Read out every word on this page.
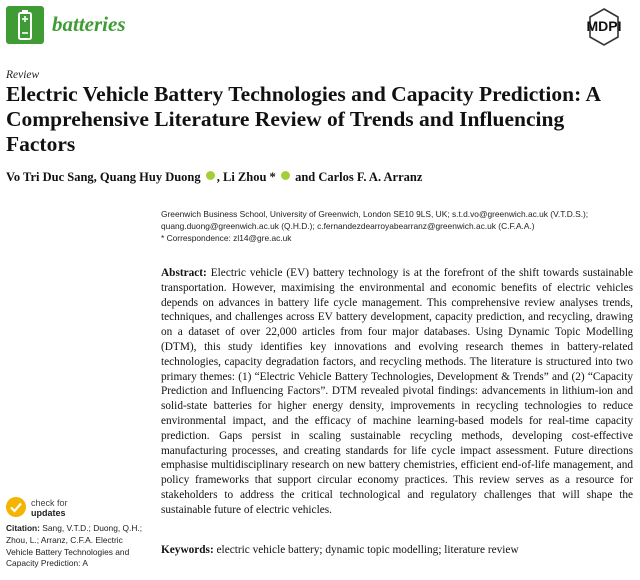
batteries	MDPI
Review
Electric Vehicle Battery Technologies and Capacity Prediction: A Comprehensive Literature Review of Trends and Influencing Factors
Vo Tri Duc Sang, Quang Huy Duong , Li Zhou *  and Carlos F. A. Arranz
Greenwich Business School, University of Greenwich, London SE10 9LS, UK; s.t.d.vo@greenwich.ac.uk (V.T.D.S.);
quang.duong@greenwich.ac.uk (Q.H.D.); c.fernandezdearroyabearranz@greenwich.ac.uk (C.F.A.A.)
* Correspondence: zl14@gre.ac.uk
Abstract: Electric vehicle (EV) battery technology is at the forefront of the shift towards sustainable transportation. However, maximising the environmental and economic benefits of electric vehicles depends on advances in battery life cycle management. This comprehensive review analyses trends, techniques, and challenges across EV battery development, capacity prediction, and recycling, drawing on a dataset of over 22,000 articles from four major databases. Using Dynamic Topic Modelling (DTM), this study identifies key innovations and evolving research themes in battery-related technologies, capacity degradation factors, and recycling methods. The literature is structured into two primary themes: (1) “Electric Vehicle Battery Technologies, Development & Trends” and (2) “Capacity Prediction and Influencing Factors”. DTM revealed pivotal findings: advancements in lithium-ion and solid-state batteries for higher energy density, improvements in recycling technologies to reduce environmental impact, and the efficacy of machine learning-based models for real-time capacity prediction. Gaps persist in scaling sustainable recycling methods, developing cost-effective manufacturing processes, and creating standards for life cycle impact assessment. Future directions emphasise multidisciplinary research on new battery chemistries, efficient end-of-life management, and policy frameworks that support circular economy practices. This review serves as a resource for stakeholders to address the critical technological and regulatory challenges that will shape the sustainable future of electric vehicles.
Keywords: electric vehicle battery; dynamic topic modelling; literature review
check for
updates
Citation: Sang, V.T.D.; Duong, Q.H.; Zhou, L.; Arranz, C.F.A. Electric Vehicle Battery Technologies and Capacity Prediction: A
